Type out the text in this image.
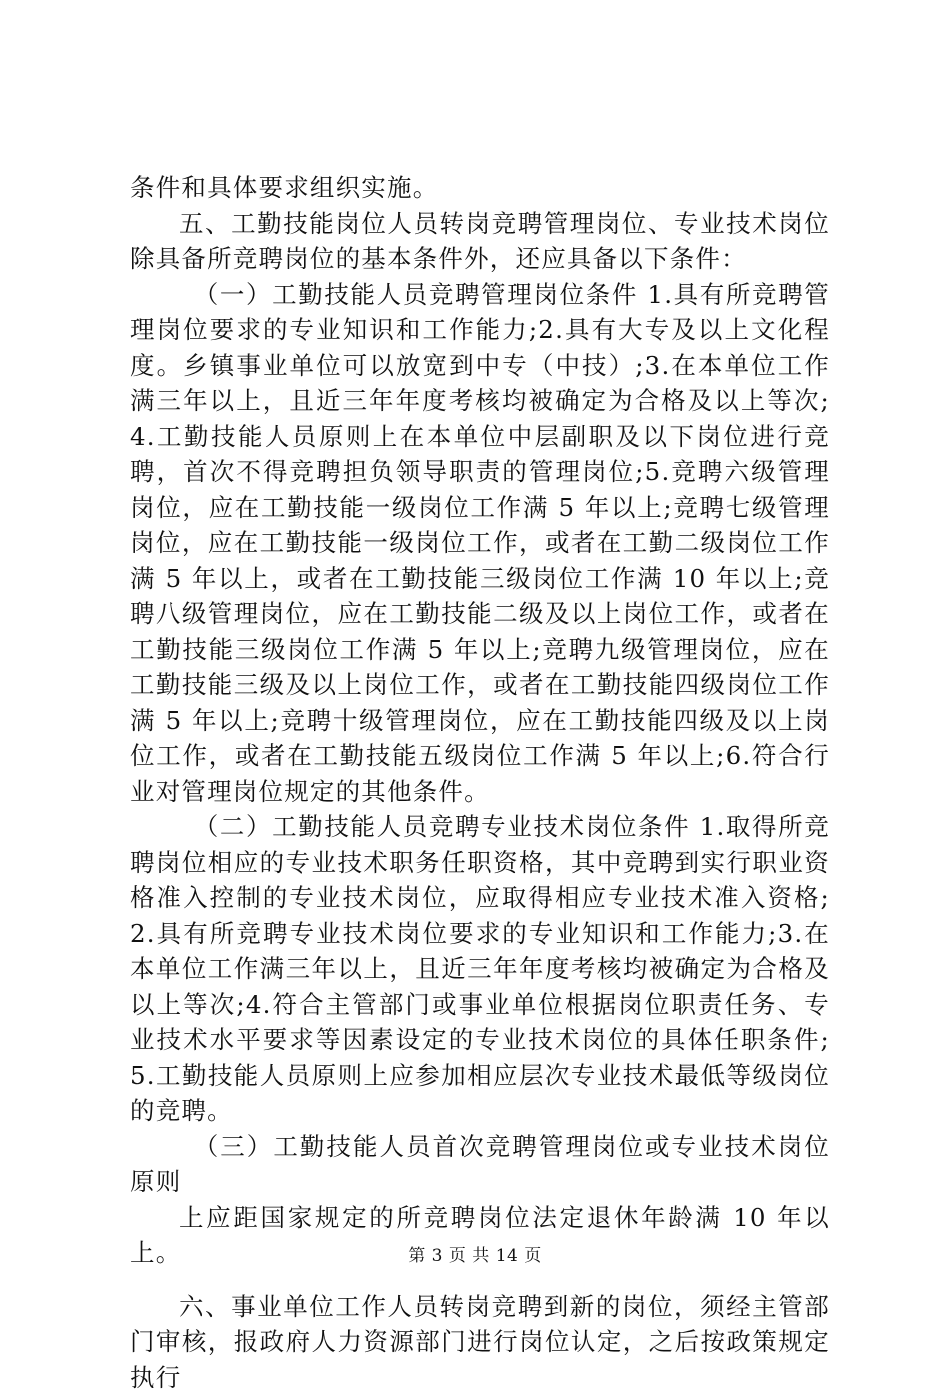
条件和具体要求组织实施。

五、工勤技能岗位人员转岗竞聘管理岗位、专业技术岗位除具备所竞聘岗位的基本条件外，还应具备以下条件：

（一）工勤技能人员竞聘管理岗位条件 1.具有所竞聘管理岗位要求的专业知识和工作能力;2.具有大专及以上文化程度。乡镇事业单位可以放宽到中专（中技）;3.在本单位工作满三年以上，且近三年年度考核均被确定为合格及以上等次;4.工勤技能人员原则上在本单位中层副职及以下岗位进行竞聘，首次不得竞聘担负领导职责的管理岗位;5.竞聘六级管理岗位，应在工勤技能一级岗位工作满 5 年以上;竞聘七级管理岗位，应在工勤技能一级岗位工作，或者在工勤二级岗位工作满 5 年以上，或者在工勤技能三级岗位工作满 10 年以上;竞聘八级管理岗位，应在工勤技能二级及以上岗位工作，或者在工勤技能三级岗位工作满 5 年以上;竞聘九级管理岗位，应在工勤技能三级及以上岗位工作，或者在工勤技能四级岗位工作满 5 年以上;竞聘十级管理岗位，应在工勤技能四级及以上岗位工作，或者在工勤技能五级岗位工作满 5 年以上;6.符合行业对管理岗位规定的其他条件。

（二）工勤技能人员竞聘专业技术岗位条件 1.取得所竞聘岗位相应的专业技术职务任职资格，其中竞聘到实行职业资格准入控制的专业技术岗位，应取得相应专业技术准入资格;2.具有所竞聘专业技术岗位要求的专业知识和工作能力;3.在本单位工作满三年以上，且近三年年度考核均被确定为合格及以上等次;4.符合主管部门或事业单位根据岗位职责任务、专业技术水平要求等因素设定的专业技术岗位的具体任职条件;5.工勤技能人员原则上应参加相应层次专业技术最低等级岗位的竞聘。

（三）工勤技能人员首次竞聘管理岗位或专业技术岗位原则

上应距国家规定的所竞聘岗位法定退休年龄满 10 年以上。

六、事业单位工作人员转岗竞聘到新的岗位，须经主管部门审核，报政府人力资源部门进行岗位认定，之后按政策规定执行

第 3 页 共 14 页
